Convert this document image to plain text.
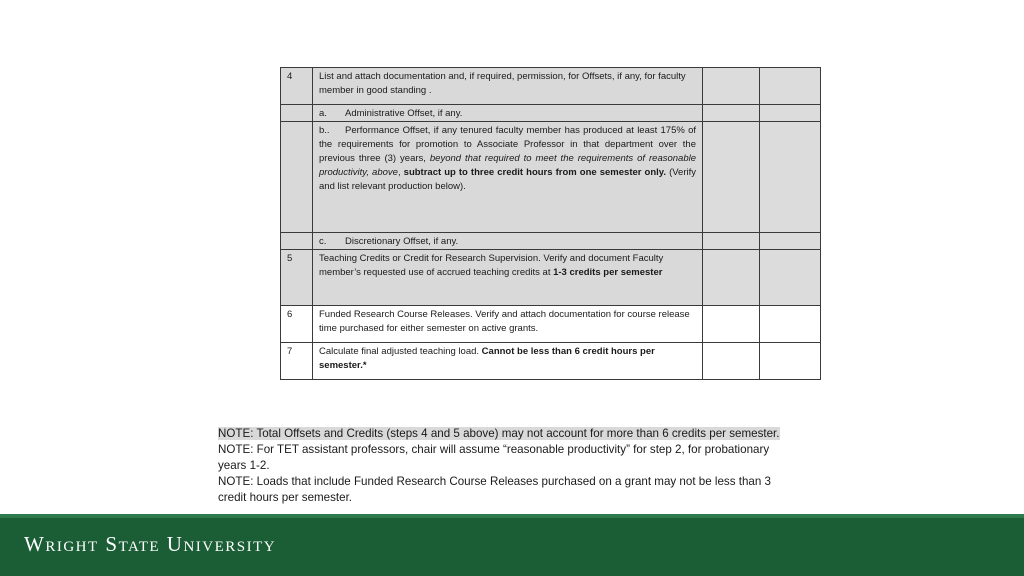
4	List and attach documentation and, if required, permission, for Offsets, if any, for faculty member in good standing .		
	a. Administrative Offset, if any.		
	b.. Performance Offset, if any tenured faculty member has produced at least 175% of the requirements for promotion to Associate Professor in that department over the previous three (3) years, beyond that required to meet the requirements of reasonable productivity, above, subtract up to three credit hours from one semester only. (Verify and list relevant production below).		
	c. Discretionary Offset, if any.		
5	Teaching Credits or Credit for Research Supervision. Verify and document Faculty member’s requested use of accrued teaching credits at 1-3 credits per semester		
6	Funded Research Course Releases. Verify and attach documentation for course release time purchased for either semester on active grants.		
7	Calculate final adjusted teaching load. Cannot be less than 6 credit hours per semester.*		

NOTE: Total Offsets and Credits (steps 4 and 5 above) may not account for more than 6 credits per semester.

NOTE: For TET assistant professors, chair will assume “reasonable productivity” for step 2, for probationary years 1-2.

NOTE: Loads that include Funded Research Course Releases purchased on a grant may not be less than 3 credit hours per semester.

Wright State University
